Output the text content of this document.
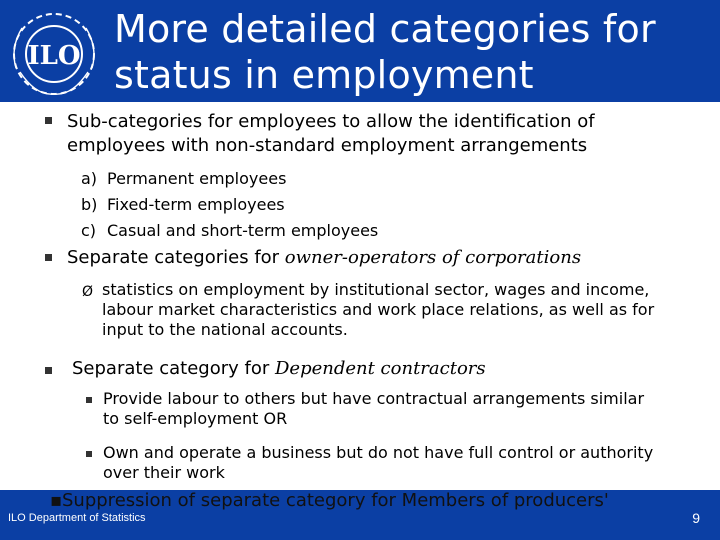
ILO
More detailed categories for
status in employment
Sub-categories for employees to allow the identification of employees with non-standard employment arrangements
a) Permanent employees
b) Fixed-term employees
c) Casual and short-term employees
Separate categories for owner-operators of corporations
Ø statistics on employment by institutional sector, wages and income, labour market characteristics and work place relations, as well as for input to the national accounts.
Separate category for Dependent contractors
Provide labour to others but have contractual arrangements similar to self-employment OR
Own and operate a business but do not have full control or authority over their work
▪ Suppression of separate category for Members of producers'
ILO Department of Statistics	9
